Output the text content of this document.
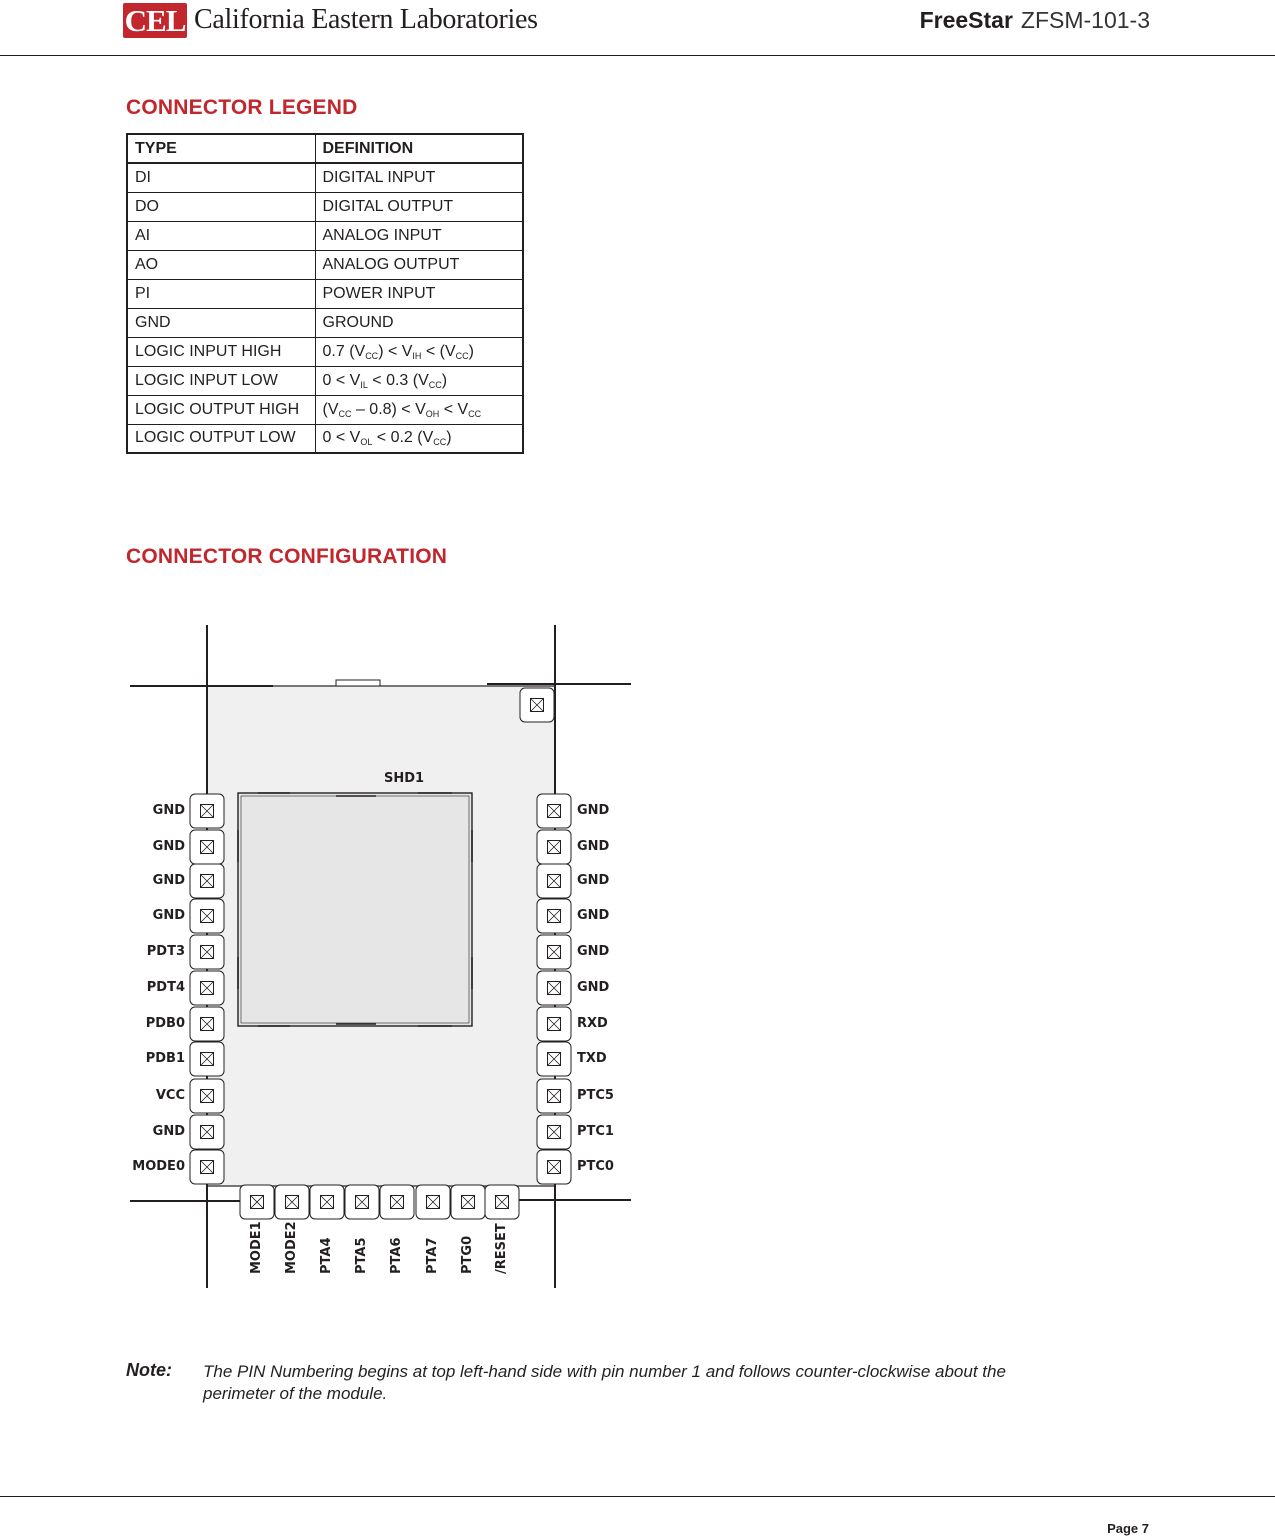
CEL California Eastern Laboratories	FreeStar ZFSM-101-3
CONNECTOR LEGEND
TYPE	DEFINITION
DI	DIGITAL INPUT
DO	DIGITAL OUTPUT
AI	ANALOG INPUT
AO	ANALOG OUTPUT
PI	POWER INPUT
GND	GROUND
LOGIC INPUT HIGH	0.7 $(V_{CC}) < V_{IH} < (V_{CC})$
LOGIC INPUT LOW	$0 < V_{IL} < 0.3$ $(V_{CC})$
LOGIC OUTPUT HIGH	$(V_{CC} - 0.8) < V_{OH} < V_{CC}$
LOGIC OUTPUT LOW	$0 < V_{OL} < 0.2$ $(V_{CC})$
CONNECTOR CONFIGURATION
SHD1
GND
GND
GND
GND
PDT3
PDT4
PDB0
PDB1
VCC
GND
MODE0
GND
GND
GND
GND
GND
GND
RXD
TXD
PTC5
PTC1
PTC0
MODE1 MODE2 PTA4 PTA5 PTA6 PTA7 PTG0 /RESET
Note: The PIN Numbering begins at top left-hand side with pin number 1 and follows counter-clockwise about the perimeter of the module.
Page 7
